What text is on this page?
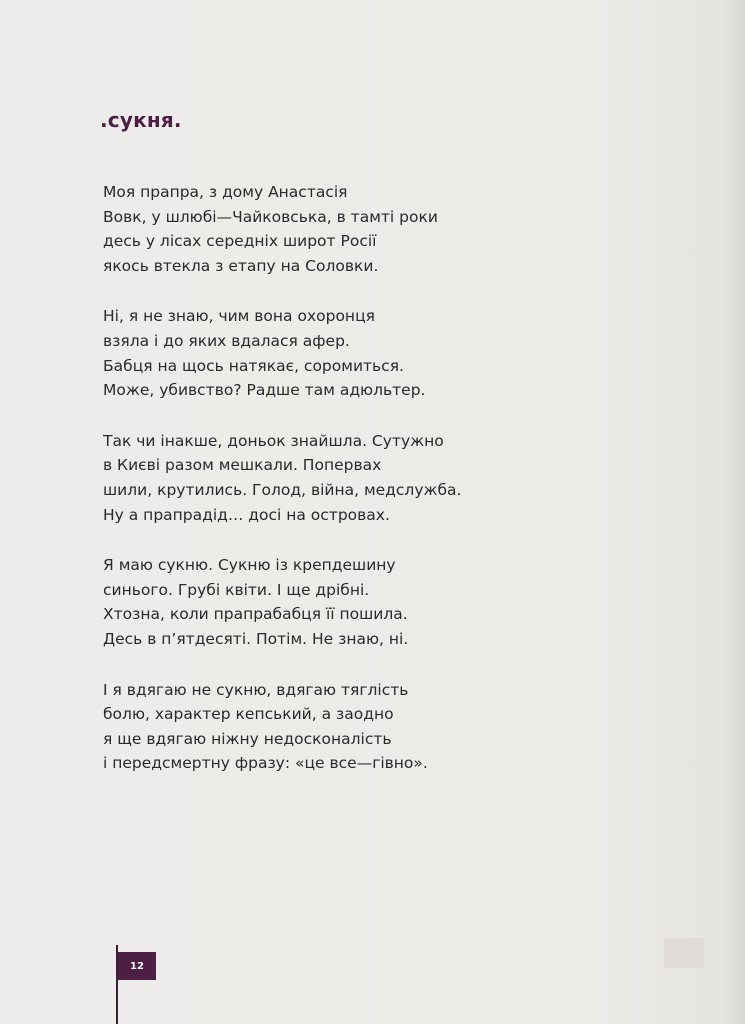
.сукня.
Моя прапра, з дому Анастасія
Вовк, у шлюбі—Чайковська, в тамті роки
десь у лісах середніх широт Росії
якось втекла з етапу на Соловки.
Ні, я не знаю, чим вона охоронця
взяла і до яких вдалася афер.
Бабця на щось натякає, соромиться.
Може, убивство? Радше там адюльтер.
Так чи інакше, доньок знайшла. Сутужно
в Києві разом мешкали. Попервах
шили, крутились. Голод, війна, медслужба.
Ну а прапрадід… досі на островах.
Я маю сукню. Сукню із крепдешину
синього. Грубі квіти. І ще дрібні.
Хтозна, коли прапрабабця її пошила.
Десь в п’ятдесяті. Потім. Не знаю, ні.
І я вдягаю не сукню, вдягаю тяглість
болю, характер кепський, а заодно
я ще вдягаю ніжну недосконалість
і передсмертну фразу: «це все—гівно».
12
